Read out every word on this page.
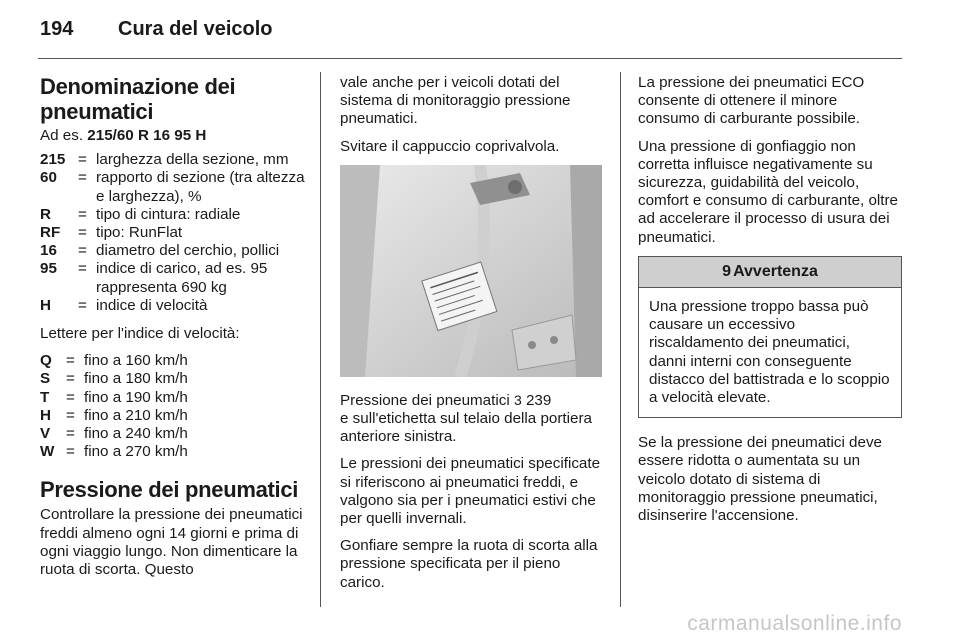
194 Cura del veicolo
Denominazione dei pneumatici
Ad es. 215/60 R 16 95 H
215	=	larghezza della sezione, mm
60	=	rapporto di sezione (tra altezza e larghezza), %
R	=	tipo di cintura: radiale
RF	=	tipo: RunFlat
16	=	diametro del cerchio, pollici
95	=	indice di carico, ad es. 95 rappresenta 690 kg
H	=	indice di velocità

Lettere per l'indice di velocità:

Q	=	fino a 160 km/h
S	=	fino a 180 km/h
T	=	fino a 190 km/h
H	=	fino a 210 km/h
V	=	fino a 240 km/h
W	=	fino a 270 km/h
Pressione dei pneumatici

Controllare la pressione dei pneumatici freddi almeno ogni 14 giorni e prima di ogni viaggio lungo. Non dimenticare la ruota di scorta. Questo

vale anche per i veicoli dotati del sistema di monitoraggio pressione pneumatici.

Svitare il cappuccio coprivalvola.

Pressione dei pneumatici 3 239
e sull'etichetta sul telaio della portiera anteriore sinistra.

Le pressioni dei pneumatici specificate si riferiscono ai pneumatici freddi, e valgono sia per i pneumatici estivi che per quelli invernali.

Gonfiare sempre la ruota di scorta alla pressione specificata per il pieno carico.

La pressione dei pneumatici ECO consente di ottenere il minore consumo di carburante possibile.

Una pressione di gonfiaggio non corretta influisce negativamente su sicurezza, guidabilità del veicolo, comfort e consumo di carburante, oltre ad accelerare il processo di usura dei pneumatici.

9 Avvertenza
Una pressione troppo bassa può causare un eccessivo riscaldamento dei pneumatici, danni interni con conseguente distacco del battistrada e lo scoppio a velocità elevate.

Se la pressione dei pneumatici deve essere ridotta o aumentata su un veicolo dotato di sistema di monitoraggio pressione pneumatici, disinserire l'accensione.

carmanualsonline.info
